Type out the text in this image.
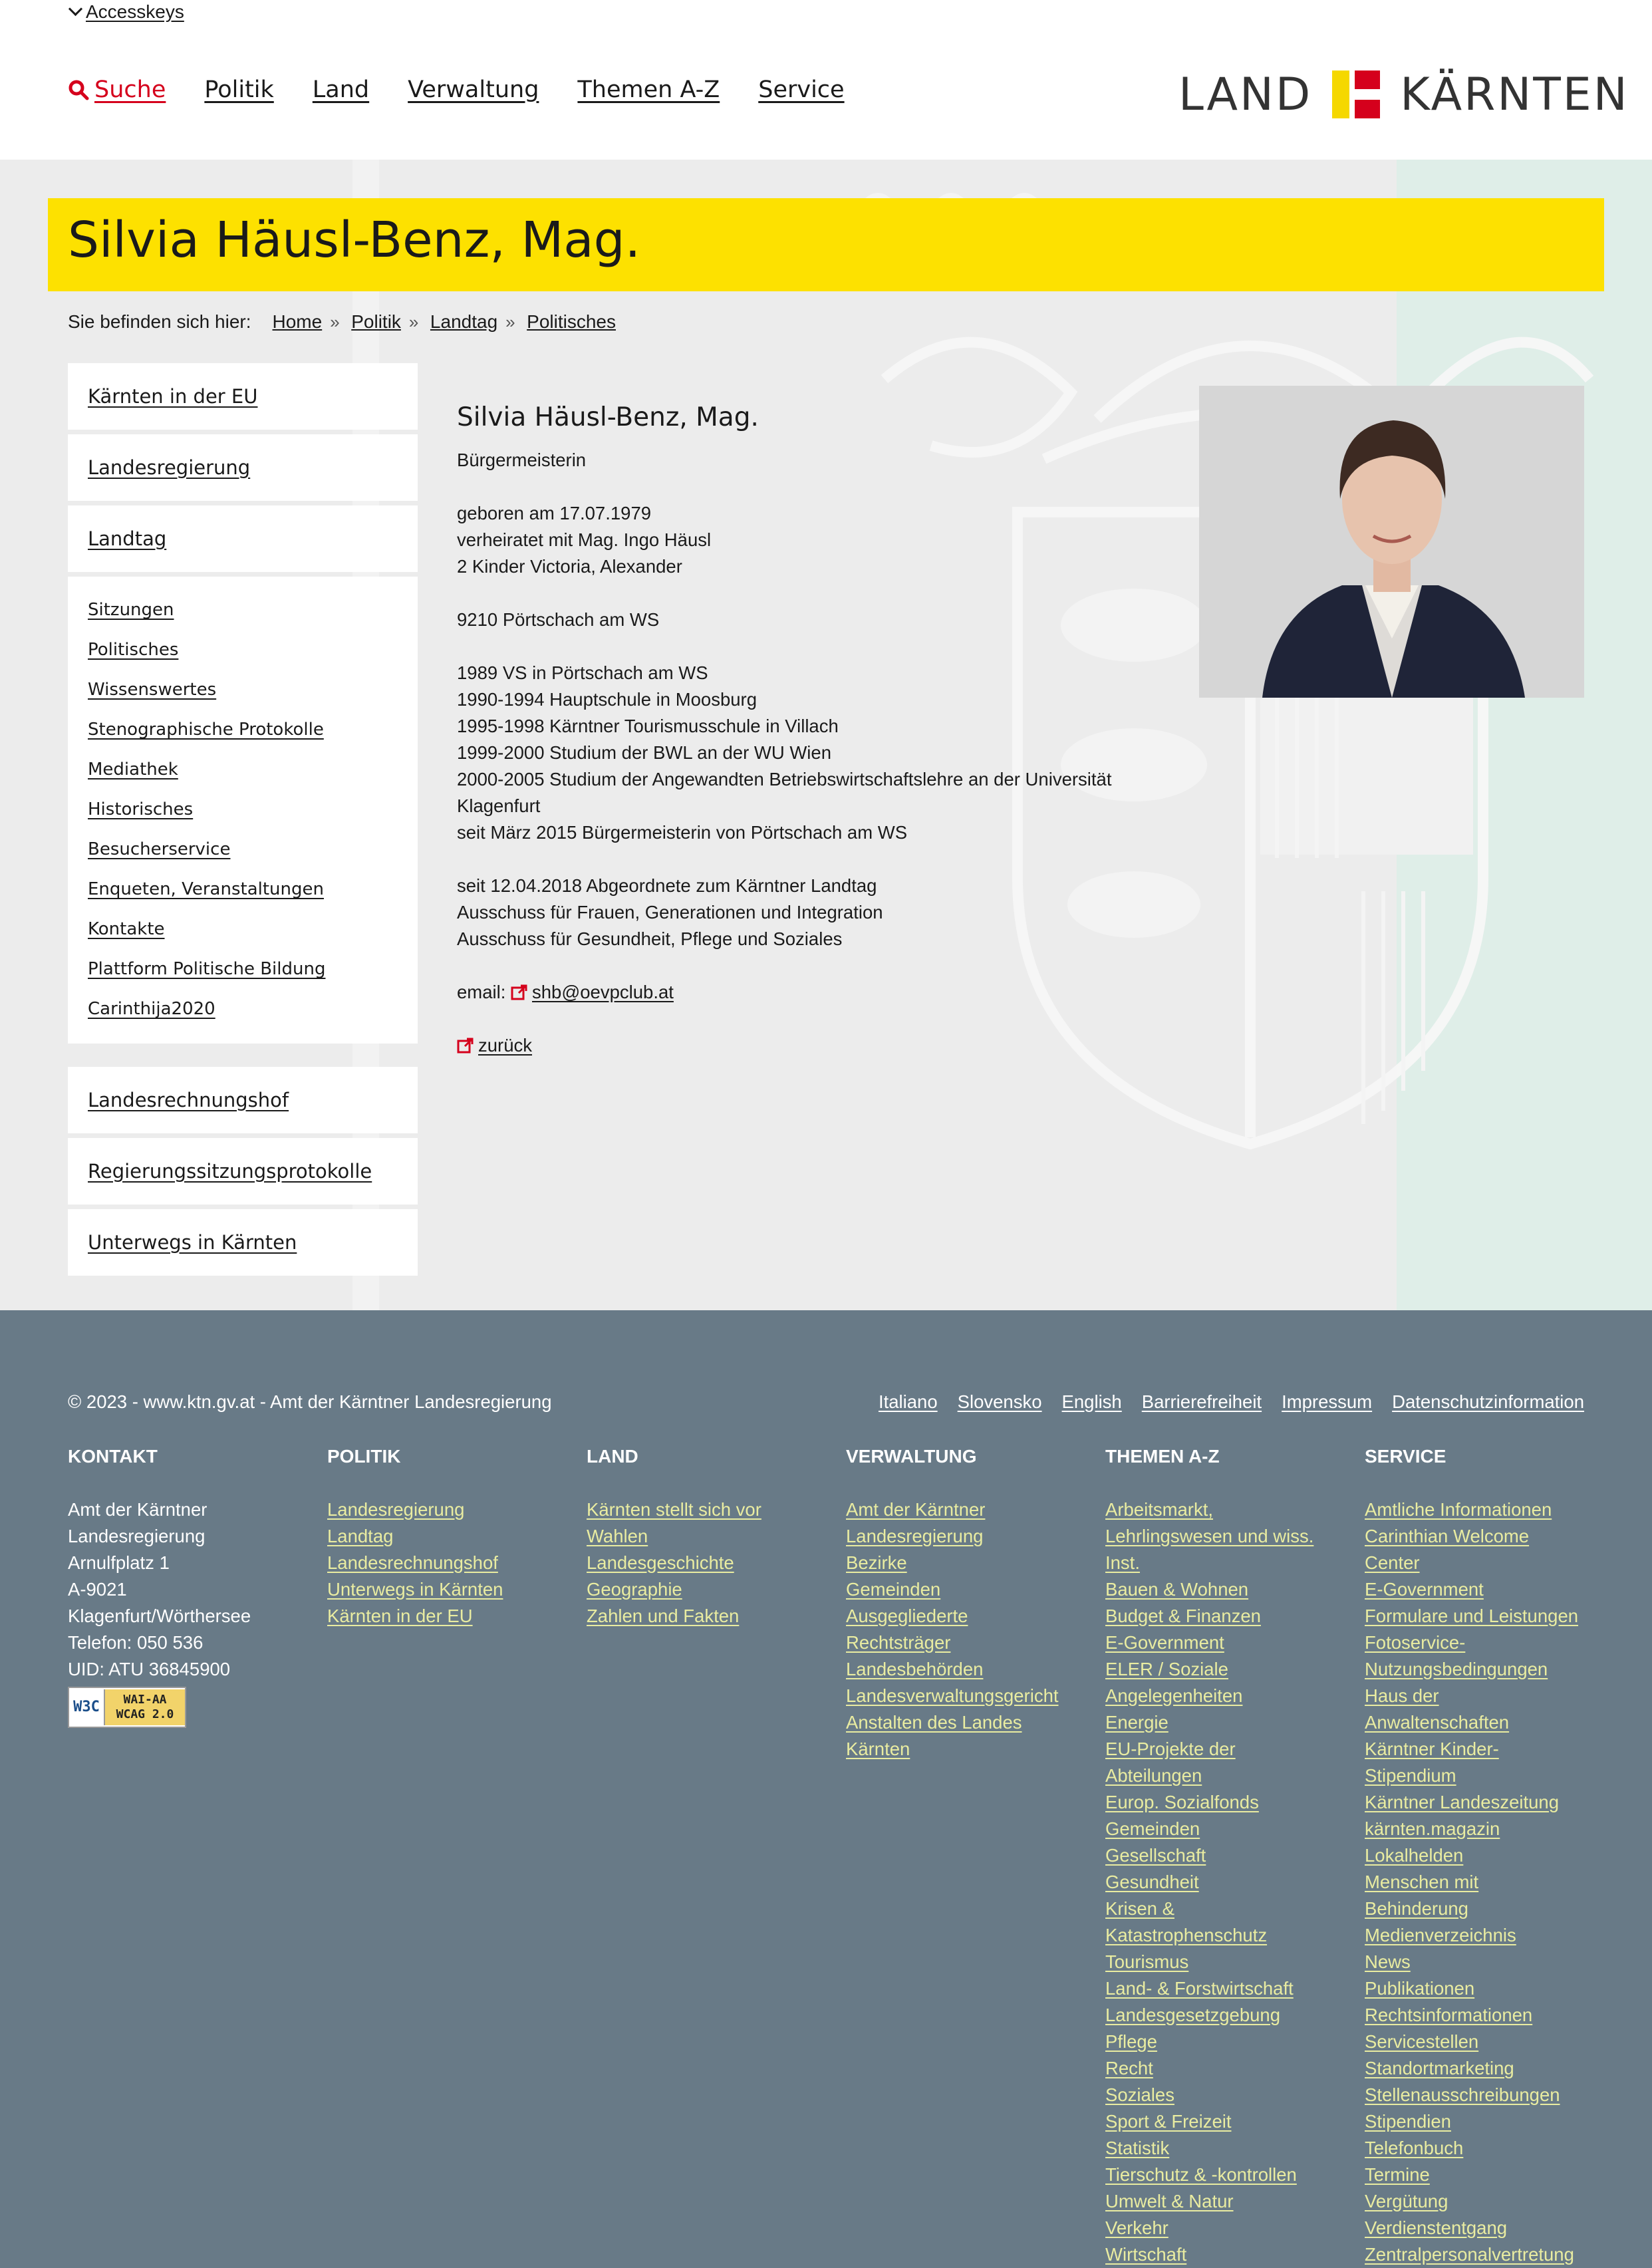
Accesskeys
Suche Politik Land Verwaltung Themen A-Z Service	LAND KÄRNTEN
Silvia Häusl-Benz, Mag.
Sie befinden sich hier: Home » Politik » Landtag » Politisches
Kärnten in der EU
Landesregierung
Landtag
Sitzungen
Politisches
Wissenswertes
Stenographische Protokolle
Mediathek
Historisches
Besucherservice
Enqueten, Veranstaltungen
Kontakte
Plattform Politische Bildung
Carinthija2020
Landesrechnungshof
Regierungssitzungsprotokolle
Unterwegs in Kärnten
Silvia Häusl-Benz, Mag.
Bürgermeisterin
geboren am 17.07.1979
verheiratet mit Mag. Ingo Häusl
2 Kinder Victoria, Alexander
9210 Pörtschach am WS
1989 VS in Pörtschach am WS
1990-1994 Hauptschule in Moosburg
1995-1998 Kärntner Tourismusschule in Villach
1999-2000 Studium der BWL an der WU Wien
2000-2005 Studium der Angewandten Betriebswirtschaftslehre an der Universität
Klagenfurt
seit März 2015 Bürgermeisterin von Pörtschach am WS
seit 12.04.2018 Abgeordnete zum Kärntner Landtag
Ausschuss für Frauen, Generationen und Integration
Ausschuss für Gesundheit, Pflege und Soziales
email: shb@oevpclub.at
zurück
© 2023 - www.ktn.gv.at - Amt der Kärntner Landesregierung	Italiano Slovensko English Barrierefreiheit Impressum Datenschutzinformation
KONTAKT
Amt der Kärntner
Landesregierung
Arnulfplatz 1
A-9021
Klagenfurt/Wörthersee
Telefon: 050 536
UID: ATU 36845900
W3C	WAI-AA
WCAG 2.0
POLITIK
Landesregierung
Landtag
Landesrechnungshof
Unterwegs in Kärnten
Kärnten in der EU
LAND
Kärnten stellt sich vor
Wahlen
Landesgeschichte
Geographie
Zahlen und Fakten
VERWALTUNG
Amt der Kärntner
Landesregierung
Bezirke
Gemeinden
Ausgegliederte
Rechtsträger
Landesbehörden
Landesverwaltungsgericht
Anstalten des Landes
Kärnten
THEMEN A-Z
Arbeitsmarkt,
Lehrlingswesen und wiss.
Inst.
Bauen & Wohnen
Budget & Finanzen
E-Government
ELER / Soziale
Angelegenheiten
Energie
EU-Projekte der
Abteilungen
Europ. Sozialfonds
Gemeinden
Gesellschaft
Gesundheit
Krisen &
Katastrophenschutz
Tourismus
Land- & Forstwirtschaft
Landesgesetzgebung
Pflege
Recht
Soziales
Sport & Freizeit
Statistik
Tierschutz & -kontrollen
Umwelt & Natur
Verkehr
Wirtschaft
SERVICE
Amtliche Informationen
Carinthian Welcome
Center
E-Government
Formulare und Leistungen
Fotoservice-
Nutzungsbedingungen
Haus der
Anwaltenschaften
Kärntner Kinder-
Stipendium
Kärntner Landeszeitung
kärnten.magazin
Lokalhelden
Menschen mit
Behinderung
Medienverzeichnis
News
Publikationen
Rechtsinformationen
Servicestellen
Standortmarketing
Stellenausschreibungen
Stipendien
Telefonbuch
Termine
Vergütung
Verdienstentgang
Zentralpersonalvertretung
